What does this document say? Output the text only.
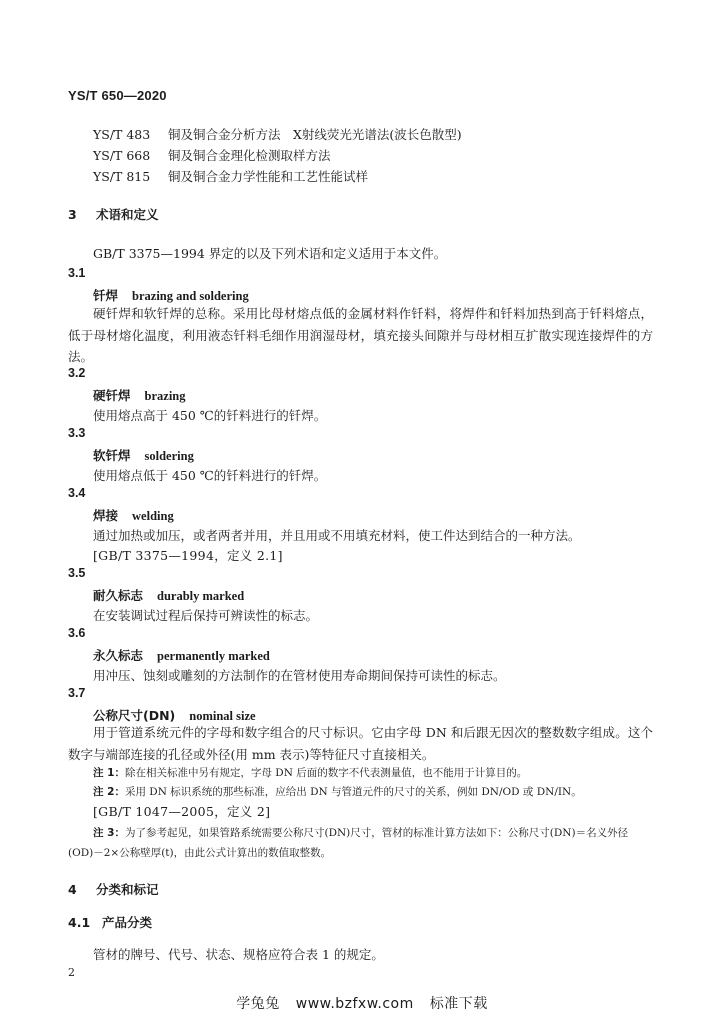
YS/T 650—2020
YS/T 483 铜及铜合金分析方法　X射线荧光光谱法(波长色散型)
YS/T 668 铜及铜合金理化检测取样方法
YS/T 815 铜及铜合金力学性能和工艺性能试样
3 术语和定义
GB/T 3375—1994 界定的以及下列术语和定义适用于本文件。
3.1
钎焊 brazing and soldering

硬钎焊和软钎焊的总称。采用比母材熔点低的金属材料作钎料，将焊件和钎料加热到高于钎料熔点，低于母材熔化温度，利用液态钎料毛细作用润湿母材，填充接头间隙并与母材相互扩散实现连接焊件的方法。

3.2
硬钎焊 brazing
使用熔点高于 450 ℃的钎料进行的钎焊。
3.3
软钎焊 soldering
使用熔点低于 450 ℃的钎料进行的钎焊。
3.4
焊接 welding
通过加热或加压，或者两者并用，并且用或不用填充材料，使工件达到结合的一种方法。
[GB/T 3375—1994，定义 2.1]
3.5
耐久标志 durably marked
在安装调试过程后保持可辨读性的标志。
3.6
永久标志 permanently marked
用冲压、蚀刻或雕刻的方法制作的在管材使用寿命期间保持可读性的标志。
3.7
公称尺寸(DN) nominal size

用于管道系统元件的字母和数字组合的尺寸标识。它由字母 DN 和后跟无因次的整数数字组成。这个数字与端部连接的孔径或外径(用 mm 表示)等特征尺寸直接相关。

注 1：除在相关标准中另有规定，字母 DN 后面的数字不代表测量值，也不能用于计算目的。
注 2：采用 DN 标识系统的那些标准，应给出 DN 与管道元件的尺寸的关系，例如 DN/OD 或 DN/IN。
[GB/T 1047—2005，定义 2]
注 3：为了参考起见，如果管路系统需要公称尺寸(DN)尺寸，管材的标准计算方法如下：公称尺寸(DN)＝名义外径
(OD)－2×公称壁厚(t)，由此公式计算出的数值取整数。
4 分类和标记
4.1 产品分类
管材的牌号、代号、状态、规格应符合表 1 的规定。
2
学兔兔 www.bzfxw.com 标准下载
